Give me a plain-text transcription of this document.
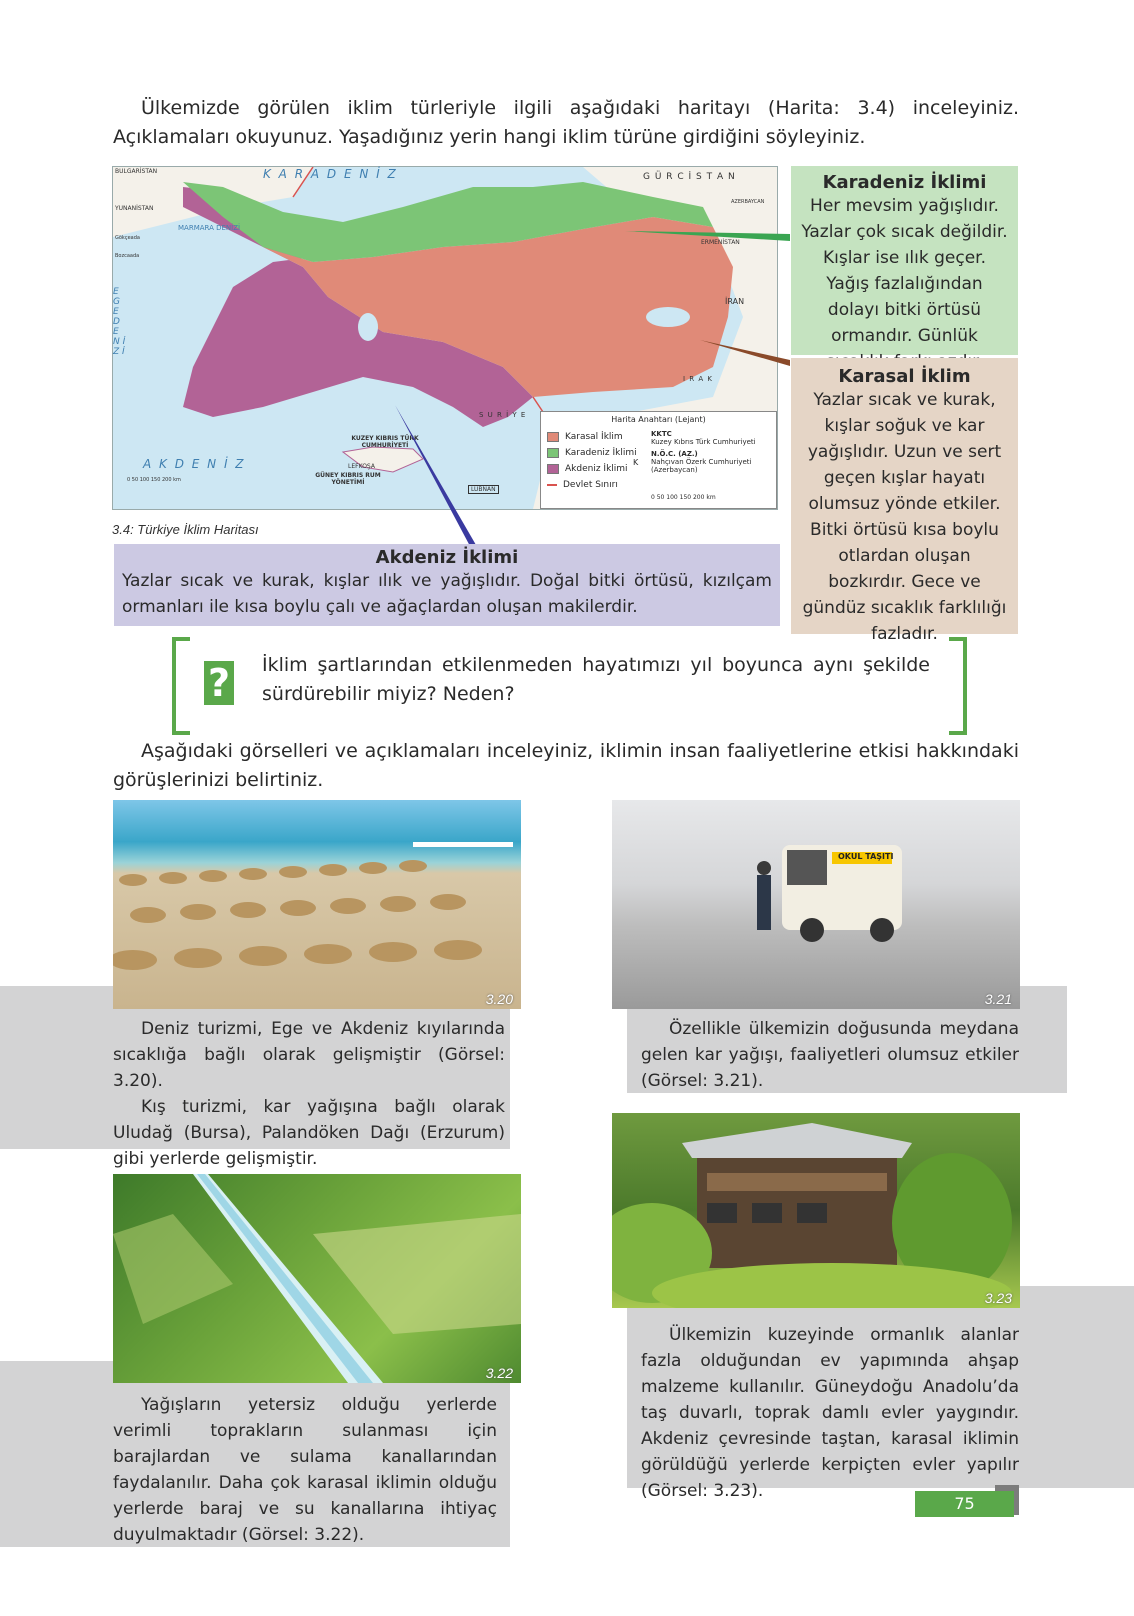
Ülkemizde görülen iklim türleriyle ilgili aşağıdaki haritayı (Harita: 3.4) inceleyiniz. Açıklamaları okuyunuz. Yaşadığınız yerin hangi iklim türüne girdiğini söyleyiniz.
K A R A D E N İ Z
A K D E N İ Z
E G E D E N İ Z İ
G Ü R C İ S T A N
BULGARİSTAN
YUNANİSTAN
MARMARA DENİZİ
Gökçeada
Bozcaada
ERMENİSTAN
AZERBAYCAN
İRAN
I R A K
S U R İ Y E
KUZEY KIBRIS TÜRK CUMHURİYETİ
LEFKOŞA
GÜNEY KIBRIS RUM YÖNETİMİ
LÜBNAN
0 50 100 150 200 km
Harita Anahtarı (Lejant)
Karasal İklim
Karadeniz İklimi
Akdeniz İklimi
Devlet Sınırı
KKTC
Kuzey Kıbrıs Türk Cumhuriyeti
N.Ö.C. (AZ.)
Nahçıvan Özerk Cumhuriyeti (Azerbaycan)
K
0 50 100 150 200 km
3.4: Türkiye İklim Haritası
Karadeniz İklimi
Her mevsim yağışlıdır. Yazlar çok sıcak değildir. Kışlar ise ılık geçer. Yağış fazlalığından dolayı bitki örtüsü ormandır. Günlük
Karasal İklim
Yazlar sıcak ve kurak, kışlar soğuk ve kar yağışlıdır. Uzun ve sert geçen kışlar hayatı olumsuz yönde etkiler. Bitki örtüsü kısa boylu otlardan oluşan bozkırdır. Gece ve gündüz sıcaklık farklılığı fazladır.
Akdeniz İklimi
Yazlar sıcak ve kurak, kışlar ılık ve yağışlıdır. Doğal bitki örtüsü, kızılçam ormanları ile kısa boylu çalı ve ağaçlardan oluşan makilerdir.
? İklim şartlarından etkilenmeden hayatımızı yıl boyunca aynı şekilde sürdürebilir miyiz? Neden?
Aşağıdaki görselleri ve açıklamaları inceleyiniz, iklimin insan faaliyetlerine etkisi hakkındaki görüşlerinizi belirtiniz.
3.20
Deniz turizmi, Ege ve Akdeniz kıyılarında sıcaklığa bağlı olarak gelişmiştir (Görsel: 3.20).
Kış turizmi, kar yağışına bağlı olarak Uludağ (Bursa), Palandöken Dağı (Erzurum) gibi yerlerde gelişmiştir.
OKUL TAŞITI
3.21
Özellikle ülkemizin doğusunda meydana gelen kar yağışı, faaliyetleri olumsuz etkiler (Görsel: 3.21).
3.22
Yağışların yetersiz olduğu yerlerde verimli toprakların sulanması için barajlardan ve sulama kanallarından faydalanılır. Daha çok karasal iklimin olduğu yerlerde baraj ve su kanallarına ihtiyaç duyulmaktadır (Görsel: 3.22).
3.23
Ülkemizin kuzeyinde ormanlık alanlar fazla olduğundan ev yapımında ahşap malzeme kullanılır. Güneydoğu Anadolu’da taş duvarlı, toprak damlı evler yaygındır. Akdeniz çevresinde taştan, karasal iklimin görüldüğü yerlerde kerpiçten evler yapılır (Görsel: 3.23).
75
